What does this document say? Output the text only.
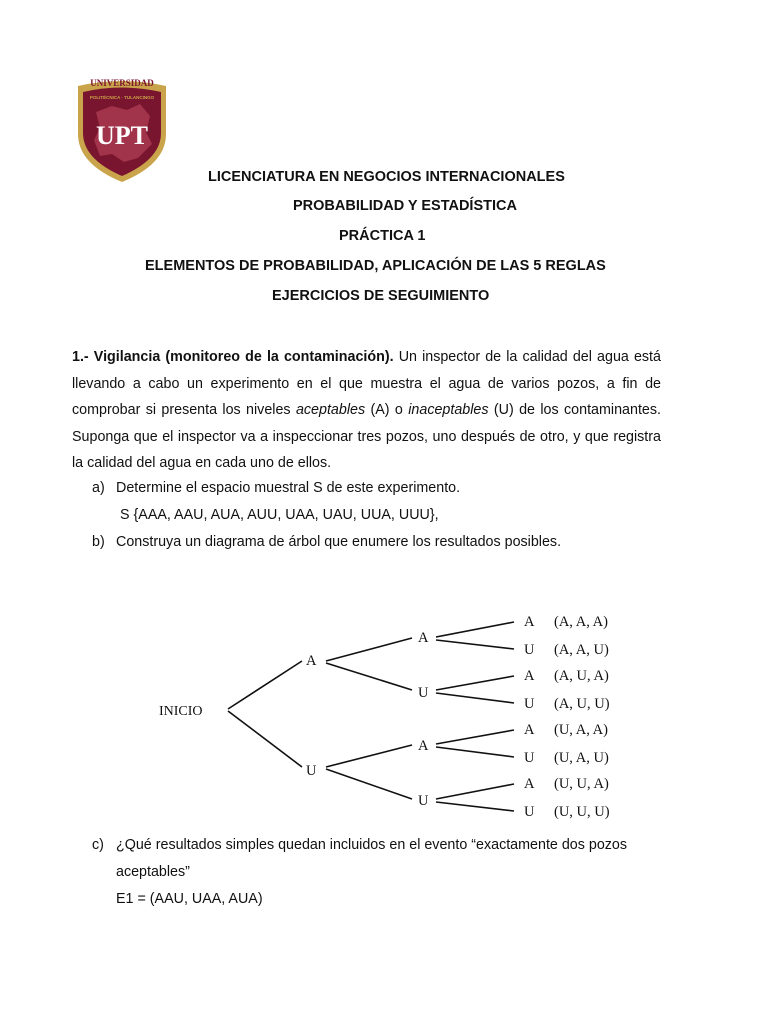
UNIVERSIDAD
POLITÉCNICA · TULANCINGO
UPT
LICENCIATURA EN NEGOCIOS INTERNACIONALES
PROBABILIDAD Y ESTADÍSTICA
PRÁCTICA 1
ELEMENTOS DE PROBABILIDAD, APLICACIÓN DE LAS 5 REGLAS
EJERCICIOS DE SEGUIMIENTO
1.- Vigilancia (monitoreo de la contaminación). Un inspector de la calidad del agua está llevando a cabo un experimento en el que muestra el agua de varios pozos, a fin de comprobar si presenta los niveles aceptables (A) o inaceptables (U) de los contaminantes. Suponga que el inspector va a inspeccionar tres pozos, uno después de otro, y que registra la calidad del agua en cada uno de ellos.
a) Determine el espacio muestral S de este experimento.
S {AAA, AAU, AUA, AUU, UAA, UAU, UUA, UUU},
b) Construya un diagrama de árbol que enumere los resultados posibles.
INICIO
A
U
A
U
A
U
A (A, A, A)
U (A, A, U)
A (A, U, A)
U (A, U, U)
A (U, A, A)
U (U, A, U)
A (U, U, A)
U (U, U, U)
c) ¿Qué resultados simples quedan incluidos en el evento “exactamente dos pozos
aceptables”
E1 = (AAU, UAA, AUA)
